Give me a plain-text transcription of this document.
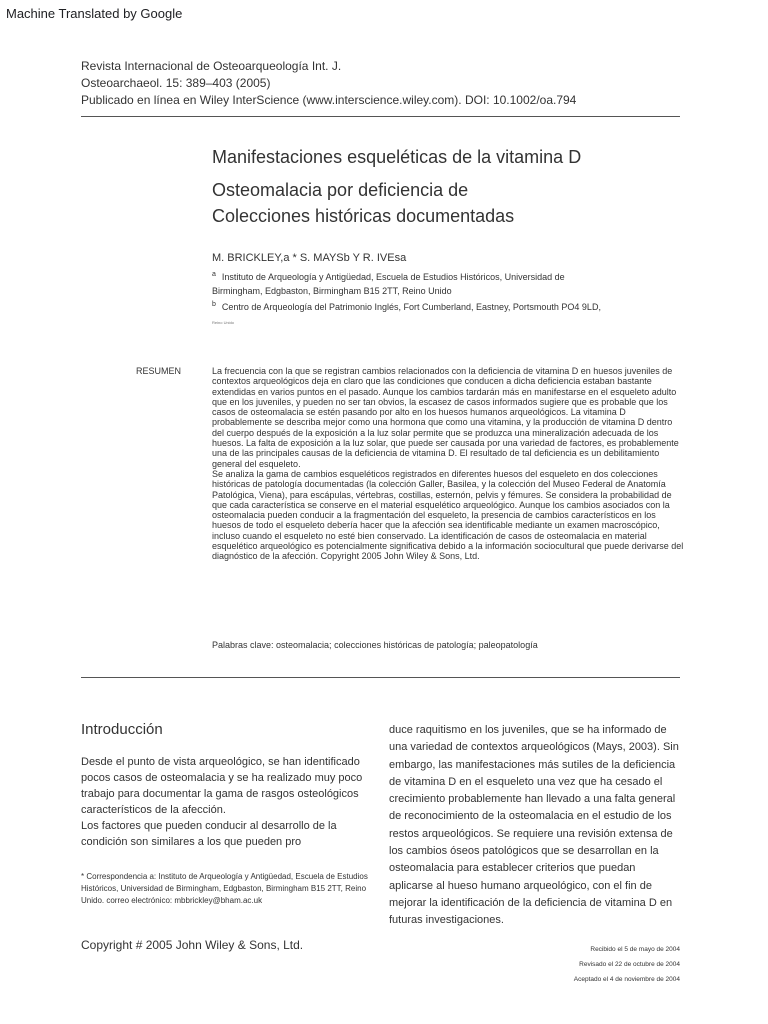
Machine Translated by Google
Revista Internacional de Osteoarqueología Int. J.
Osteoarchaeol. 15: 389–403 (2005)
Publicado en línea en Wiley InterScience (www.interscience.wiley.com). DOI: 10.1002/oa.794
Manifestaciones esqueléticas de la vitamina D
Osteomalacia por deficiencia de
Colecciones históricas documentadas
M. BRICKLEY,a * S. MAYSb Y R. IVEsa
$^a$ Instituto de Arqueología y Antigüedad, Escuela de Estudios Históricos, Universidad de
Birmingham, Edgbaston, Birmingham B15 2TT, Reino Unido
$^b$ Centro de Arqueología del Patrimonio Inglés, Fort Cumberland, Eastney, Portsmouth PO4 9LD,
Reino Unido
RESUMEN	La frecuencia con la que se registran cambios relacionados con la deficiencia de vitamina D en huesos juveniles de contextos arqueológicos deja en claro que las condiciones que conducen a dicha deficiencia estaban bastante extendidas en varios puntos en el pasado. Aunque los cambios tardarán más en manifestarse en el esqueleto adulto que en los juveniles, y pueden no ser tan obvios, la escasez de casos informados sugiere que es probable que los casos de osteomalacia se estén pasando por alto en los huesos humanos arqueológicos. La vitamina D probablemente se describa mejor como una hormona que como una vitamina, y la producción de vitamina D dentro del cuerpo después de la exposición a la luz solar permite que se produzca una mineralización adecuada de los huesos. La falta de exposición a la luz solar, que puede ser causada por una variedad de factores, es probablemente una de las principales causas de la deficiencia de vitamina D. El resultado de tal deficiencia es un debilitamiento general del esqueleto.

Se analiza la gama de cambios esqueléticos registrados en diferentes huesos del esqueleto en dos colecciones históricas de patología documentadas (la colección Galler, Basilea, y la colección del Museo Federal de Anatomía Patológica, Viena), para escápulas, vértebras, costillas, esternón, pelvis y fémures. Se considera la probabilidad de que cada característica se conserve en el material esquelético arqueológico. Aunque los cambios asociados con la osteomalacia pueden conducir a la fragmentación del esqueleto, la presencia de cambios característicos en los huesos de todo el esqueleto debería hacer que la afección sea identificable mediante un examen macroscópico, incluso cuando el esqueleto no esté bien conservado. La identificación de casos de osteomalacia en material esquelético arqueológico es potencialmente significativa debido a la información sociocultural que puede derivarse del diagnóstico de la afección. Copyright 2005 John Wiley & Sons, Ltd.

Palabras clave: osteomalacia; colecciones históricas de patología; paleopatología
Introducción

Desde el punto de vista arqueológico, se han identificado pocos casos de osteomalacia y se ha realizado muy poco trabajo para documentar la gama de rasgos osteológicos característicos de la afección.

Los factores que pueden conducir al desarrollo de la condición son similares a los que pueden pro

duce raquitismo en los juveniles, que se ha informado de una variedad de contextos arqueológicos (Mays, 2003). Sin embargo, las manifestaciones más sutiles de la deficiencia de vitamina D en el esqueleto una vez que ha cesado el crecimiento probablemente han llevado a una falta general de reconocimiento de la osteomalacia en el estudio de los restos arqueológicos. Se requiere una revisión extensa de los cambios óseos patológicos que se desarrollan en la osteomalacia para establecer criterios que puedan aplicarse al hueso humano arqueológico, con el fin de mejorar la identificación de la deficiencia de vitamina D en futuras investigaciones.
* Correspondencia a: Instituto de Arqueología y Antigüedad, Escuela de Estudios Históricos, Universidad de Birmingham, Edgbaston, Birmingham B15 2TT, Reino Unido. correo electrónico: mbbrickley@bham.ac.uk
Copyright # 2005 John Wiley & Sons, Ltd.	Recibido el 5 de mayo de 2004
Revisado el 22 de octubre de 2004
Aceptado el 4 de noviembre de 2004
